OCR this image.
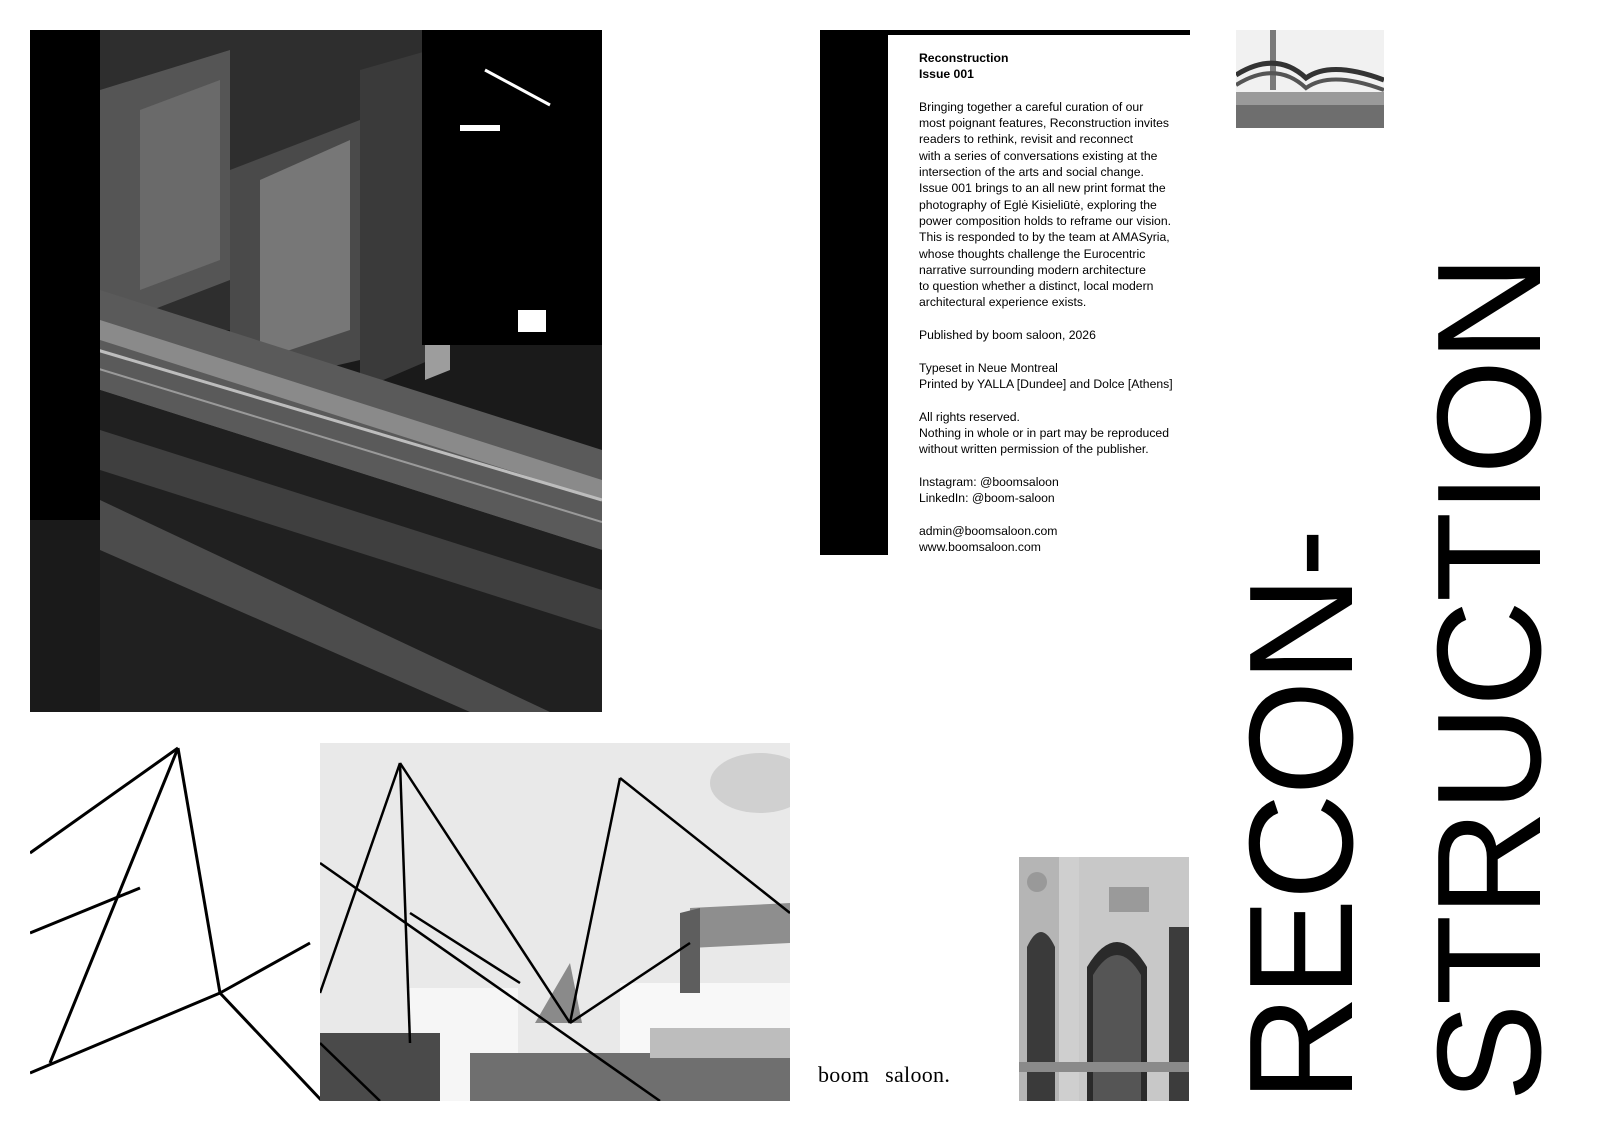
boom saloon.

Reconstruction
Issue 001

Bringing together a careful curation of our
most poignant features, Reconstruction invites
readers to rethink, revisit and reconnect
with a series of conversations existing at the
intersection of the arts and social change.
Issue 001 brings to an all new print format the
photography of Eglė Kisieliūtė, exploring the
power composition holds to reframe our vision.
This is responded to by the team at AMASyria,
whose thoughts challenge the Eurocentric
narrative surrounding modern architecture
to question whether a distinct, local modern
architectural experience exists.

Published by boom saloon, 2026

Typeset in Neue Montreal
Printed by YALLA [Dundee] and Dolce [Athens]

All rights reserved.
Nothing in whole or in part may be reproduced
without written permission of the publisher.

Instagram: @boomsaloon
LinkedIn: @boom-saloon

admin@boomsaloon.com
www.boomsaloon.com	RECON- STRUCTION
